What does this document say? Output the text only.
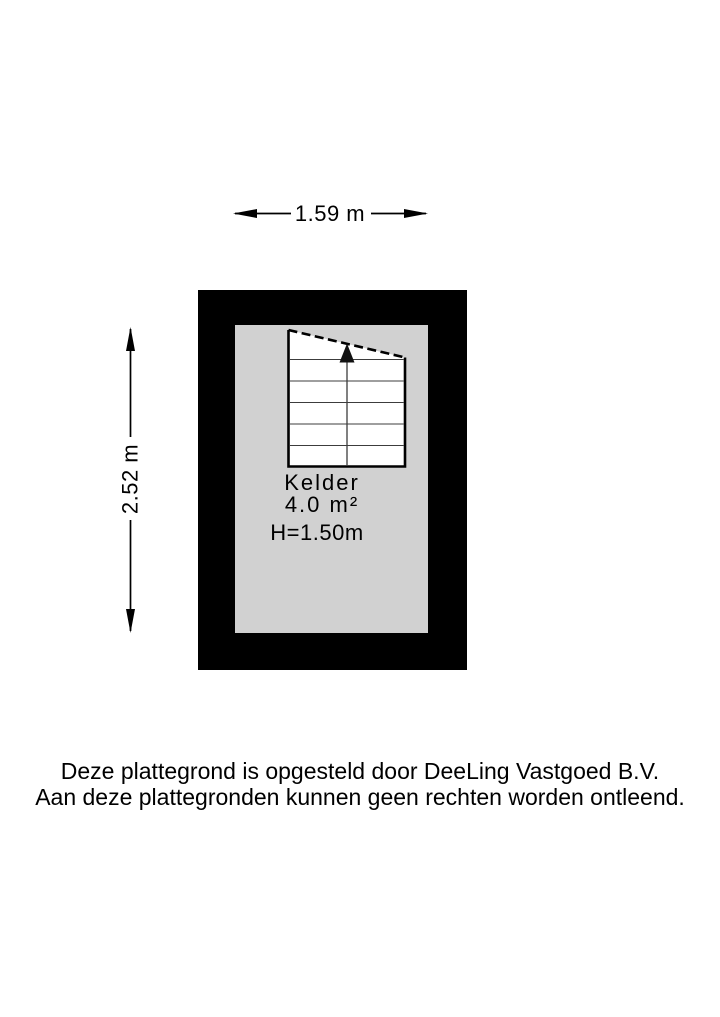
1.59 m
2.52 m	Kelder
4.0 m²
H=1.50m
Deze plattegrond is opgesteld door DeeLing Vastgoed B.V.
Aan deze plattegronden kunnen geen rechten worden ontleend.
